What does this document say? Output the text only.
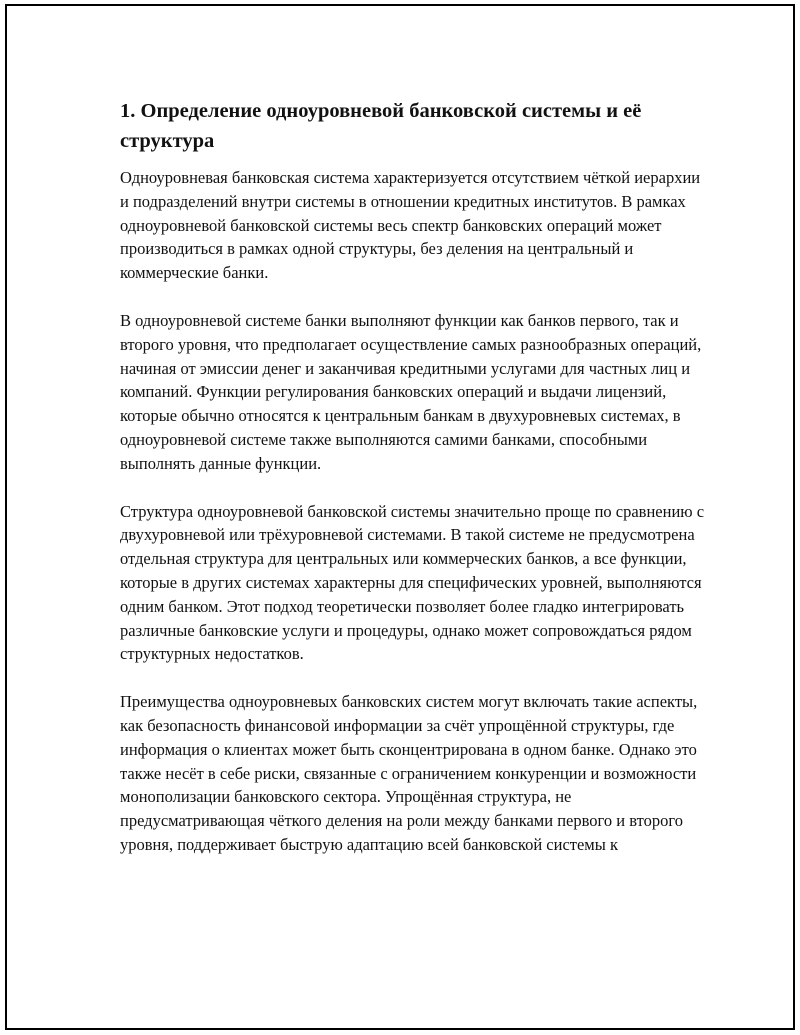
1. Определение одноуровневой банковской системы и её структура

Одноуровневая банковская система характеризуется отсутствием чёткой иерархии и подразделений внутри системы в отношении кредитных институтов. В рамках одноуровневой банковской системы весь спектр банковских операций может производиться в рамках одной структуры, без деления на центральный и коммерческие банки.

В одноуровневой системе банки выполняют функции как банков первого, так и второго уровня, что предполагает осуществление самых разнообразных операций, начиная от эмиссии денег и заканчивая кредитными услугами для частных лиц и компаний. Функции регулирования банковских операций и выдачи лицензий, которые обычно относятся к центральным банкам в двухуровневых системах, в одноуровневой системе также выполняются самими банками, способными выполнять данные функции.

Структура одноуровневой банковской системы значительно проще по сравнению с двухуровневой или трёхуровневой системами. В такой системе не предусмотрена отдельная структура для центральных или коммерческих банков, а все функции, которые в других системах характерны для специфических уровней, выполняются одним банком. Этот подход теоретически позволяет более гладко интегрировать различные банковские услуги и процедуры, однако может сопровождаться рядом структурных недостатков.

Преимущества одноуровневых банковских систем могут включать такие аспекты, как безопасность финансовой информации за счёт упрощённой структуры, где информация о клиентах может быть сконцентрирована в одном банке. Однако это также несёт в себе риски, связанные с ограничением конкуренции и возможности монополизации банковского сектора. Упрощённая структура, не предусматривающая чёткого деления на роли между банками первого и второго уровня, поддерживает быструю адаптацию всей банковской системы к
